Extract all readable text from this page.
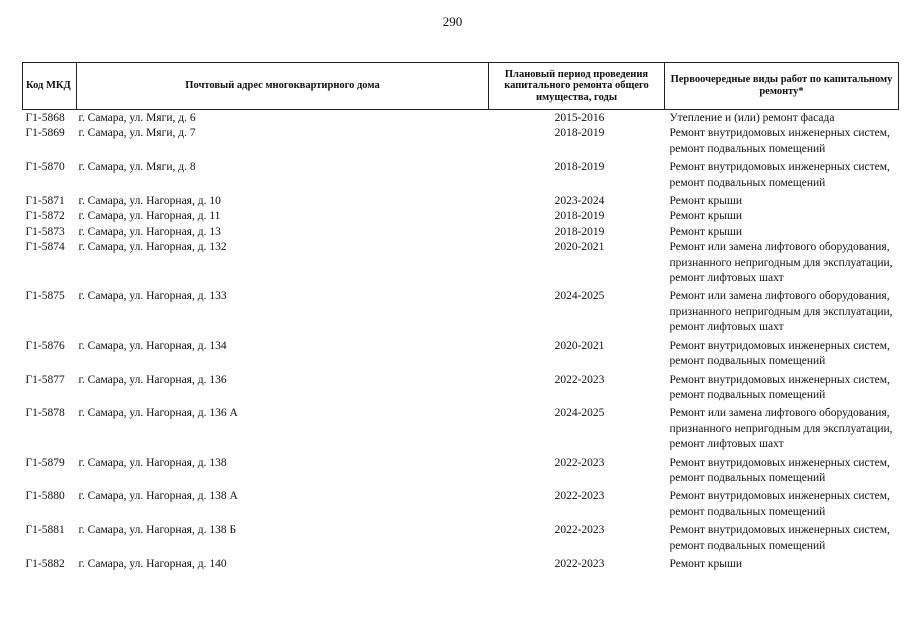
290
Код МКД	Почтовый адрес многоквартирного дома	Плановый период проведения капитального ремонта общего имущества, годы	Первоочередные виды работ по капитальному ремонту*
Г1-5868	г. Самара, ул. Мяги, д. 6	2015-2016	Утепление и (или) ремонт фасада

Г1-5869	г. Самара, ул. Мяги, д. 7	2018-2019	Ремонт внутридомовых инженерных систем,
ремонт подвальных помещений

Г1-5870	г. Самара, ул. Мяги, д. 8	2018-2019	Ремонт внутридомовых инженерных систем,
ремонт подвальных помещений

Г1-5871	г. Самара, ул. Нагорная, д. 10	2023-2024	Ремонт крыши

Г1-5872	г. Самара, ул. Нагорная, д. 11	2018-2019	Ремонт крыши

Г1-5873	г. Самара, ул. Нагорная, д. 13	2018-2019	Ремонт крыши

Г1-5874	г. Самара, ул. Нагорная, д. 132	2020-2021	Ремонт или замена лифтового оборудования,
признанного непригодным для эксплуатации,
ремонт лифтовых шахт

Г1-5875	г. Самара, ул. Нагорная, д. 133	2024-2025	Ремонт или замена лифтового оборудования,
признанного непригодным для эксплуатации,
ремонт лифтовых шахт

Г1-5876	г. Самара, ул. Нагорная, д. 134	2020-2021	Ремонт внутридомовых инженерных систем,
ремонт подвальных помещений

Г1-5877	г. Самара, ул. Нагорная, д. 136	2022-2023	Ремонт внутридомовых инженерных систем,
ремонт подвальных помещений

Г1-5878	г. Самара, ул. Нагорная, д. 136 А	2024-2025	Ремонт или замена лифтового оборудования,
признанного непригодным для эксплуатации,
ремонт лифтовых шахт

Г1-5879	г. Самара, ул. Нагорная, д. 138	2022-2023	Ремонт внутридомовых инженерных систем,
ремонт подвальных помещений

Г1-5880	г. Самара, ул. Нагорная, д. 138 А	2022-2023	Ремонт внутридомовых инженерных систем,
ремонт подвальных помещений

Г1-5881	г. Самара, ул. Нагорная, д. 138 Б	2022-2023	Ремонт внутридомовых инженерных систем,
ремонт подвальных помещений

Г1-5882	г. Самара, ул. Нагорная, д. 140	2022-2023	Ремонт крыши
